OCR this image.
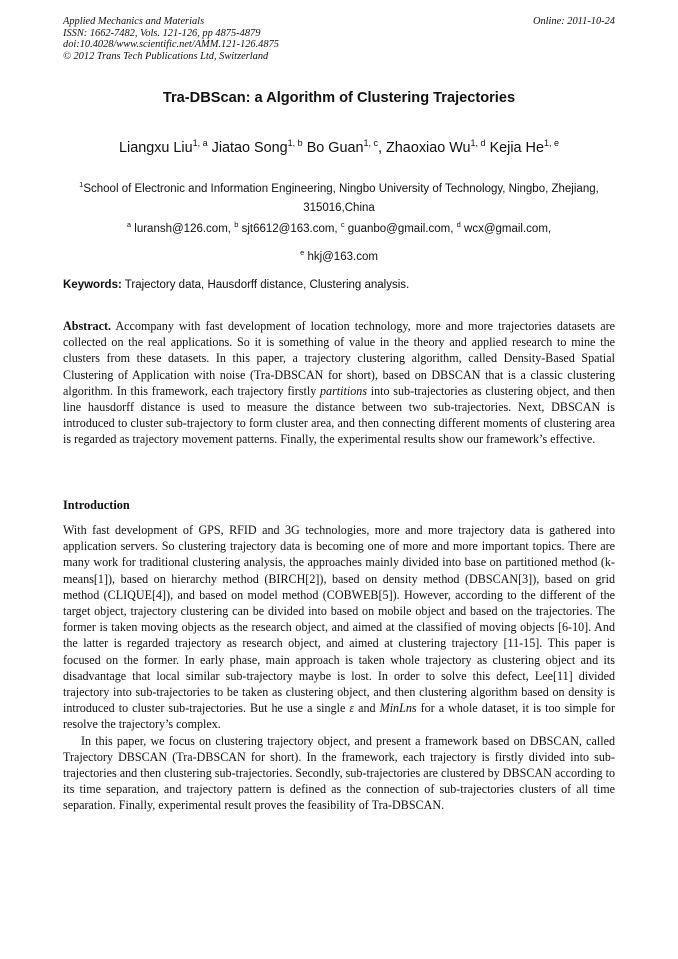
Applied Mechanics and Materials
ISSN: 1662-7482, Vols. 121-126, pp 4875-4879
doi:10.4028/www.scientific.net/AMM.121-126.4875
© 2012 Trans Tech Publications Ltd, Switzerland
Online: 2011-10-24
Tra-DBScan: a Algorithm of Clustering Trajectories
Liangxu Liu$^{1, a}$ Jiatao Song$^{1, b}$ Bo Guan$^{1, c}$, Zhaoxiao Wu$^{1, d}$ Kejia He$^{1, e}$
$^1$School of Electronic and Information Engineering, Ningbo University of Technology, Ningbo, Zhejiang, 315016,China
$^a$ luransh@126.com, $^b$ sjt6612@163.com, $^c$ guanbo@gmail.com, $^d$ wcx@gmail.com,
$^e$ hkj@163.com
Keywords: Trajectory data, Hausdorff distance, Clustering analysis.

Abstract. Accompany with fast development of location technology, more and more trajectories datasets are collected on the real applications. So it is something of value in the theory and applied research to mine the clusters from these datasets. In this paper, a trajectory clustering algorithm, called Density-Based Spatial Clustering of Application with noise (Tra-DBSCAN for short), based on DBSCAN that is a classic clustering algorithm. In this framework, each trajectory firstly partitions into sub-trajectories as clustering object, and then line hausdorff distance is used to measure the distance between two sub-trajectories. Next, DBSCAN is introduced to cluster sub-trajectory to form cluster area, and then connecting different moments of clustering area is regarded as trajectory movement patterns. Finally, the experimental results show our framework’s effective.

Introduction

With fast development of GPS, RFID and 3G technologies, more and more trajectory data is gathered into application servers. So clustering trajectory data is becoming one of more and more important topics. There are many work for traditional clustering analysis, the approaches mainly divided into base on partitioned method (k-means[1]), based on hierarchy method (BIRCH[2]), based on density method (DBSCAN[3]), based on grid method (CLIQUE[4]), and based on model method (COBWEB[5]). However, according to the different of the target object, trajectory clustering can be divided into based on mobile object and based on the trajectories. The former is taken moving objects as the research object, and aimed at the classified of moving objects [6-10]. And the latter is regarded trajectory as research object, and aimed at clustering trajectory [11-15]. This paper is focused on the former. In early phase, main approach is taken whole trajectory as clustering object and its disadvantage that local similar sub-trajectory maybe is lost. In order to solve this defect, Lee[11] divided trajectory into sub-trajectories to be taken as clustering object, and then clustering algorithm based on density is introduced to cluster sub-trajectories. But he use a single ε and MinLns for a whole dataset, it is too simple for resolve the trajectory’s complex.

In this paper, we focus on clustering trajectory object, and present a framework based on DBSCAN, called Trajectory DBSCAN (Tra-DBSCAN for short). In the framework, each trajectory is firstly divided into sub-trajectories and then clustering sub-trajectories. Secondly, sub-trajectories are clustered by DBSCAN according to its time separation, and trajectory pattern is defined as the connection of sub-trajectories clusters of all time separation. Finally, experimental result proves the feasibility of Tra-DBSCAN.
